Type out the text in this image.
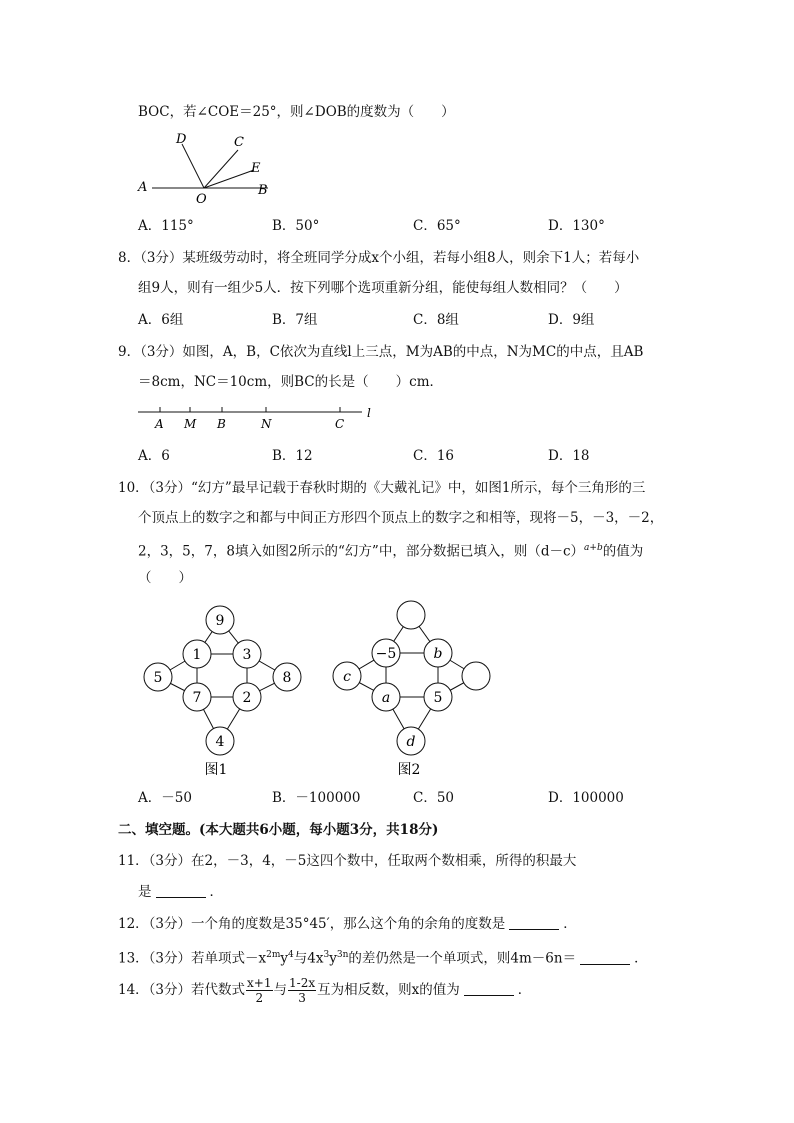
BOC，若∠COE＝25°，则∠DOB的度数为（　　）
A	B
C
D
E
O
A．115°	B．50°	C．65°	D．130°
8．（3分）某班级劳动时，将全班同学分成x个小组，若每小组8人，则余下1人；若每小
组9人，则有一组少5人．按下列哪个选项重新分组，能使每组人数相同？（　　）
A．6组	B．7组	C．8组	D．9组
9．（3分）如图，A，B，C依次为直线l上三点，M为AB的中点，N为MC的中点，且AB
＝8cm，NC＝10cm，则BC的长是（　　）cm．
A M B	N	C
l
A．6	B．12	C．16	D．18
10．（3分）“幻方”最早记载于春秋时期的《大戴礼记》中，如图1所示，每个三角形的三
个顶点上的数字之和都与中间正方形四个顶点上的数字之和相等，现将－5，－3，－2，
2，3，5，7，8填入如图2所示的“幻方”中，部分数据已填入，则$(d-c)^{a+b}$的值为
（　　）
9
1	3
5	8
7	2
4
图1
−5	b
c
a	5
d
图2
A．－50	B．－100000	C．50	D．100000
二、填空题。(本大题共6小题，每小题3分，共18分)
11．（3分）在2，－3，4，－5这四个数中，任取两个数相乘，所得的积最大
是	．
12．（3分）一个角的度数是35°45′，那么这个角的余角的度数是	．
13．（3分）若单项式$-x^{2m}y^4$与$4x^3y^{3n}$的差仍然是一个单项式，则4m－6n＝	．
14．（3分）若代数式 $\frac{x+1}{2}$ 与 $\frac{1-2x}{3}$ 互为相反数，则x的值为	．
